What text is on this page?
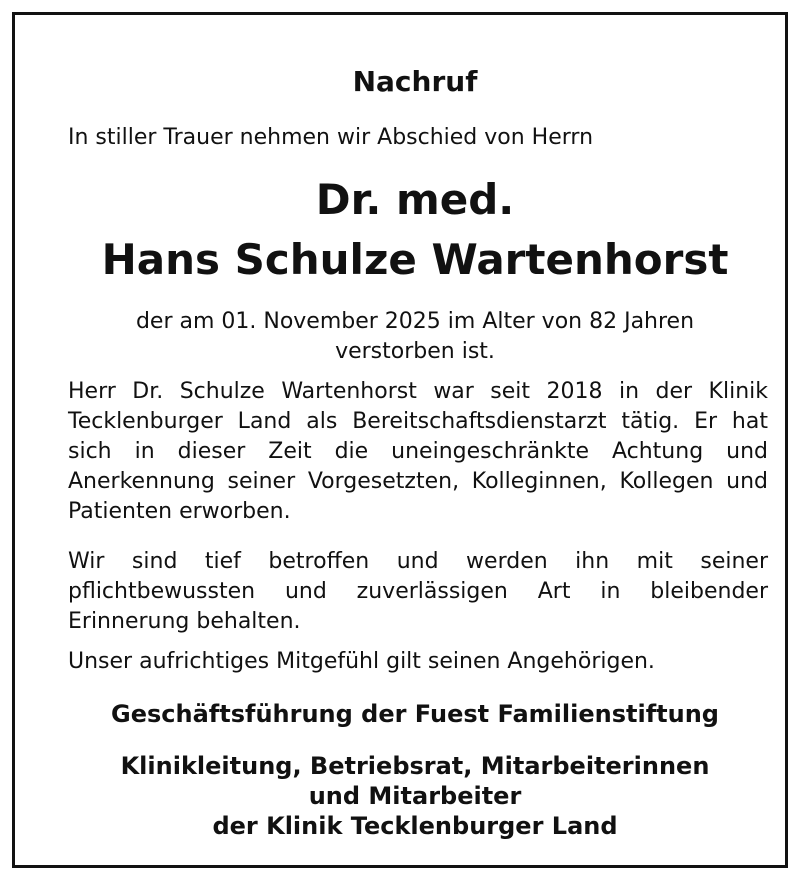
Nachruf
In stiller Trauer nehmen wir Abschied von Herrn
Dr. med.
Hans Schulze Wartenhorst
der am 01. November 2025 im Alter von 82 Jahren
verstorben ist.
Herr Dr. Schulze Wartenhorst war seit 2018 in der Klinik Tecklenburger Land als Bereitschaftsdienstarzt tätig. Er hat sich in dieser Zeit die uneingeschränkte Achtung und Anerkennung seiner Vorgesetzten, Kolleginnen, Kollegen und Patienten erworben.
Wir sind tief betroffen und werden ihn mit seiner pflichtbewussten und zuverlässigen Art in bleibender Erinnerung behalten.
Unser aufrichtiges Mitgefühl gilt seinen Angehörigen.
Geschäftsführung der Fuest Familienstiftung
Klinikleitung, Betriebsrat, Mitarbeiterinnen
und Mitarbeiter
der Klinik Tecklenburger Land
